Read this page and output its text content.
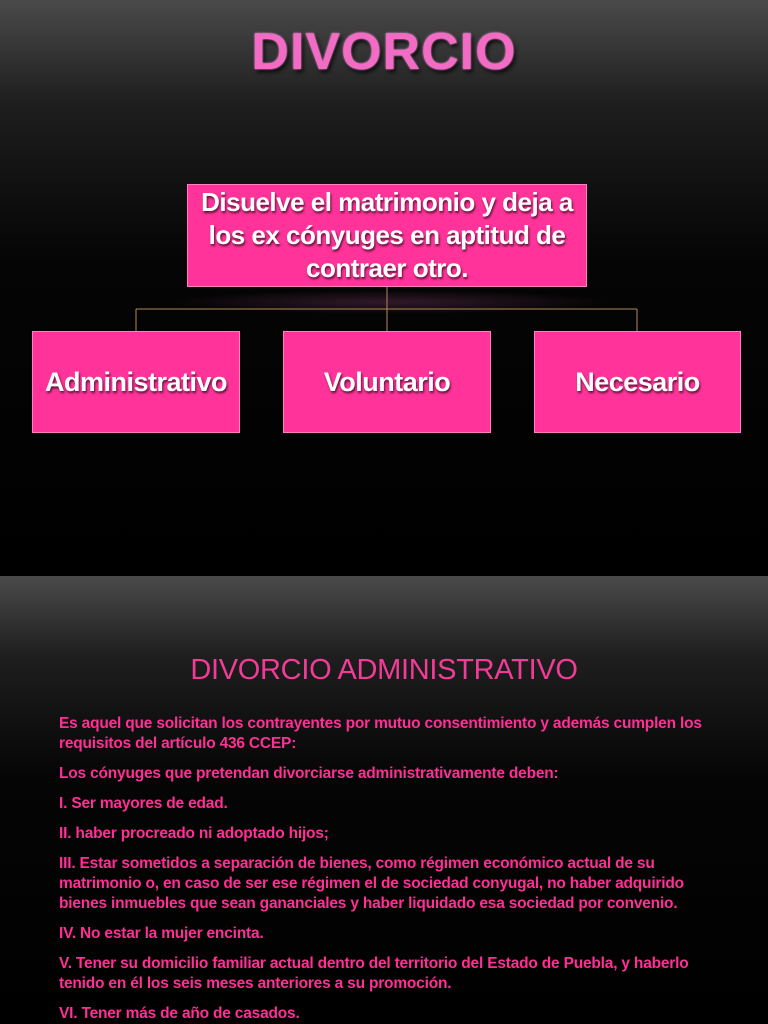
DIVORCIO
Disuelve el matrimonio y deja a los ex cónyuges en aptitud de contraer otro.
Administrativo	Voluntario	Necesario
DIVORCIO ADMINISTRATIVO

Es aquel que solicitan los contrayentes por mutuo consentimiento y además cumplen los requisitos del artículo 436 CCEP:

Los cónyuges que pretendan divorciarse administrativamente deben:

I. Ser mayores de edad.

II. haber procreado ni adoptado hijos;

III. Estar sometidos a separación de bienes, como régimen económico actual de su matrimonio o, en caso de ser ese régimen el de sociedad conyugal, no haber adquirido bienes inmuebles que sean gananciales y haber liquidado esa sociedad por convenio.

IV. No estar la mujer encinta.

V. Tener su domicilio familiar actual dentro del territorio del Estado de Puebla, y haberlo tenido en él los seis meses anteriores a su promoción.

VI. Tener más de año de casados.
